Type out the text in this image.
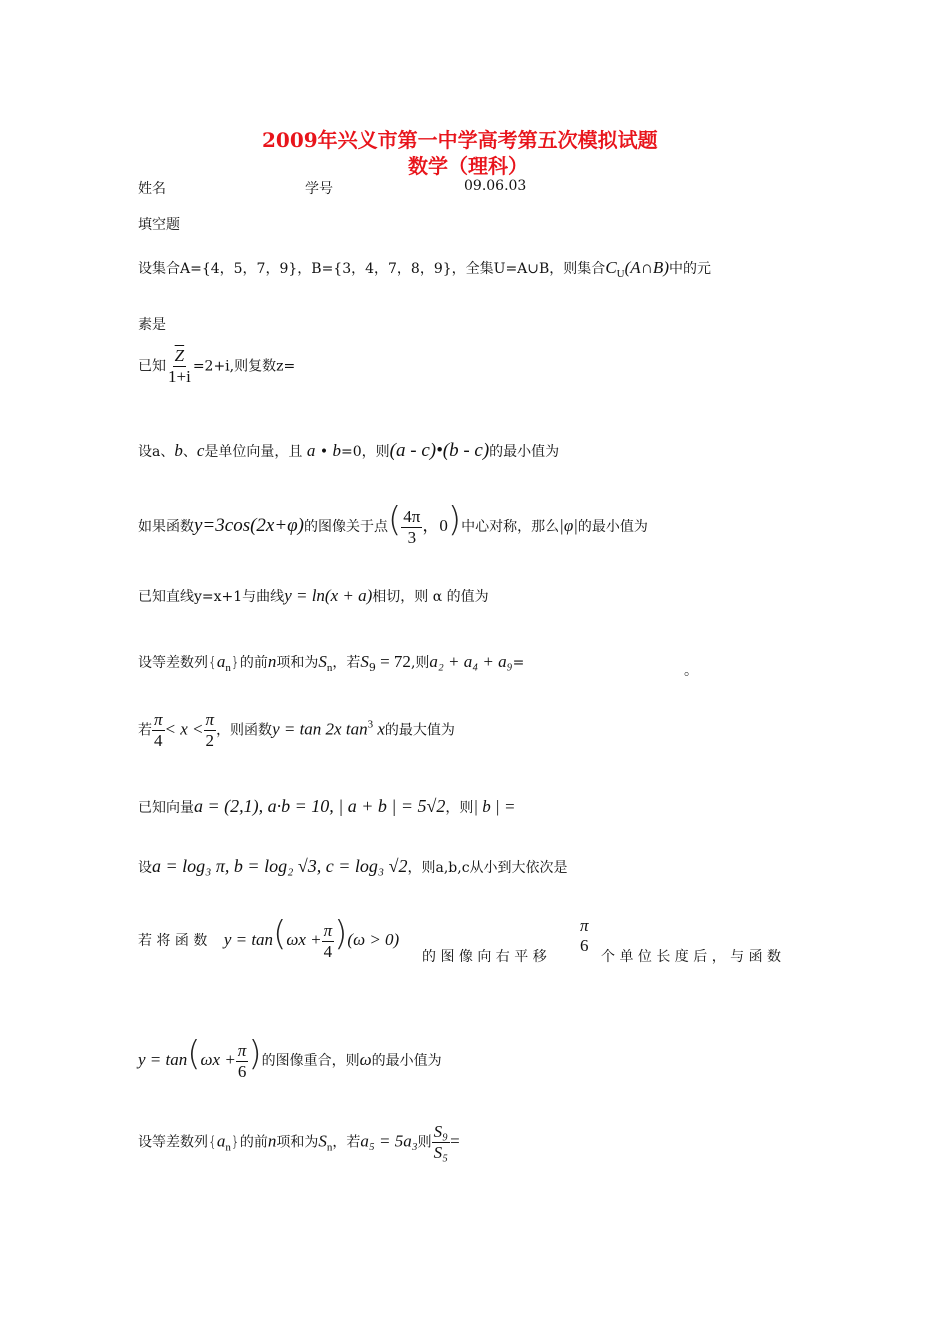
2009年兴义市第一中学高考第五次模拟试题
数学（理科）
姓名	学号	09.06.03
填空题
设集合A={4，5，7，9}，B={3，4，7，8，9}，全集U=A∪B，则集合$C_U(A\cap B)$中的元
素是
已知 $\frac{\overline{Z}}{1+i} =2+i$,则复数z=
设a、b、c是单位向量，且 a • b=0，则(a - c)•(b - c)的最小值为
如果函数y=3cos(2x+φ)的图像关于点( $\frac{4\pi}{3}$ ，0)中心对称，那么|φ|的最小值为
已知直线y=x+1与曲线y = ln(x + a)相切，则 α 的值为
设等差数列$\{a_n\}$的前n项和为$S_n$，若$S_9 = 72$,则a₂ + a₄ + a₉=	。
若 $\frac{\pi}{4} < x < \frac{\pi}{2}$ ，则函数y = tan 2x $\tan^3 x$的最大值为
已知向量a = (2,1), a·b = 10, | a + b | = 5√2，则| b | =
设a = log₃ π, b = log₂ √3, c = log₃ √2，则a,b,c从小到大依次是
若 将 函 数 $y = \tan(\omega x + \frac{\pi}{4} )(\omega > 0)$
的 图 像 向 右 平 移
π
6
个 单 位 长 度 后 ， 与 函 数
$y = \tan(\omega x + \frac{\pi}{6}$ )的图像重合，则ω的最小值为
设等差数列$\{a_n\}$的前n项和为$S_n$，若a₅ = 5a₃则 $\frac{\text{S₉}}{\text{S₅}}$ =
